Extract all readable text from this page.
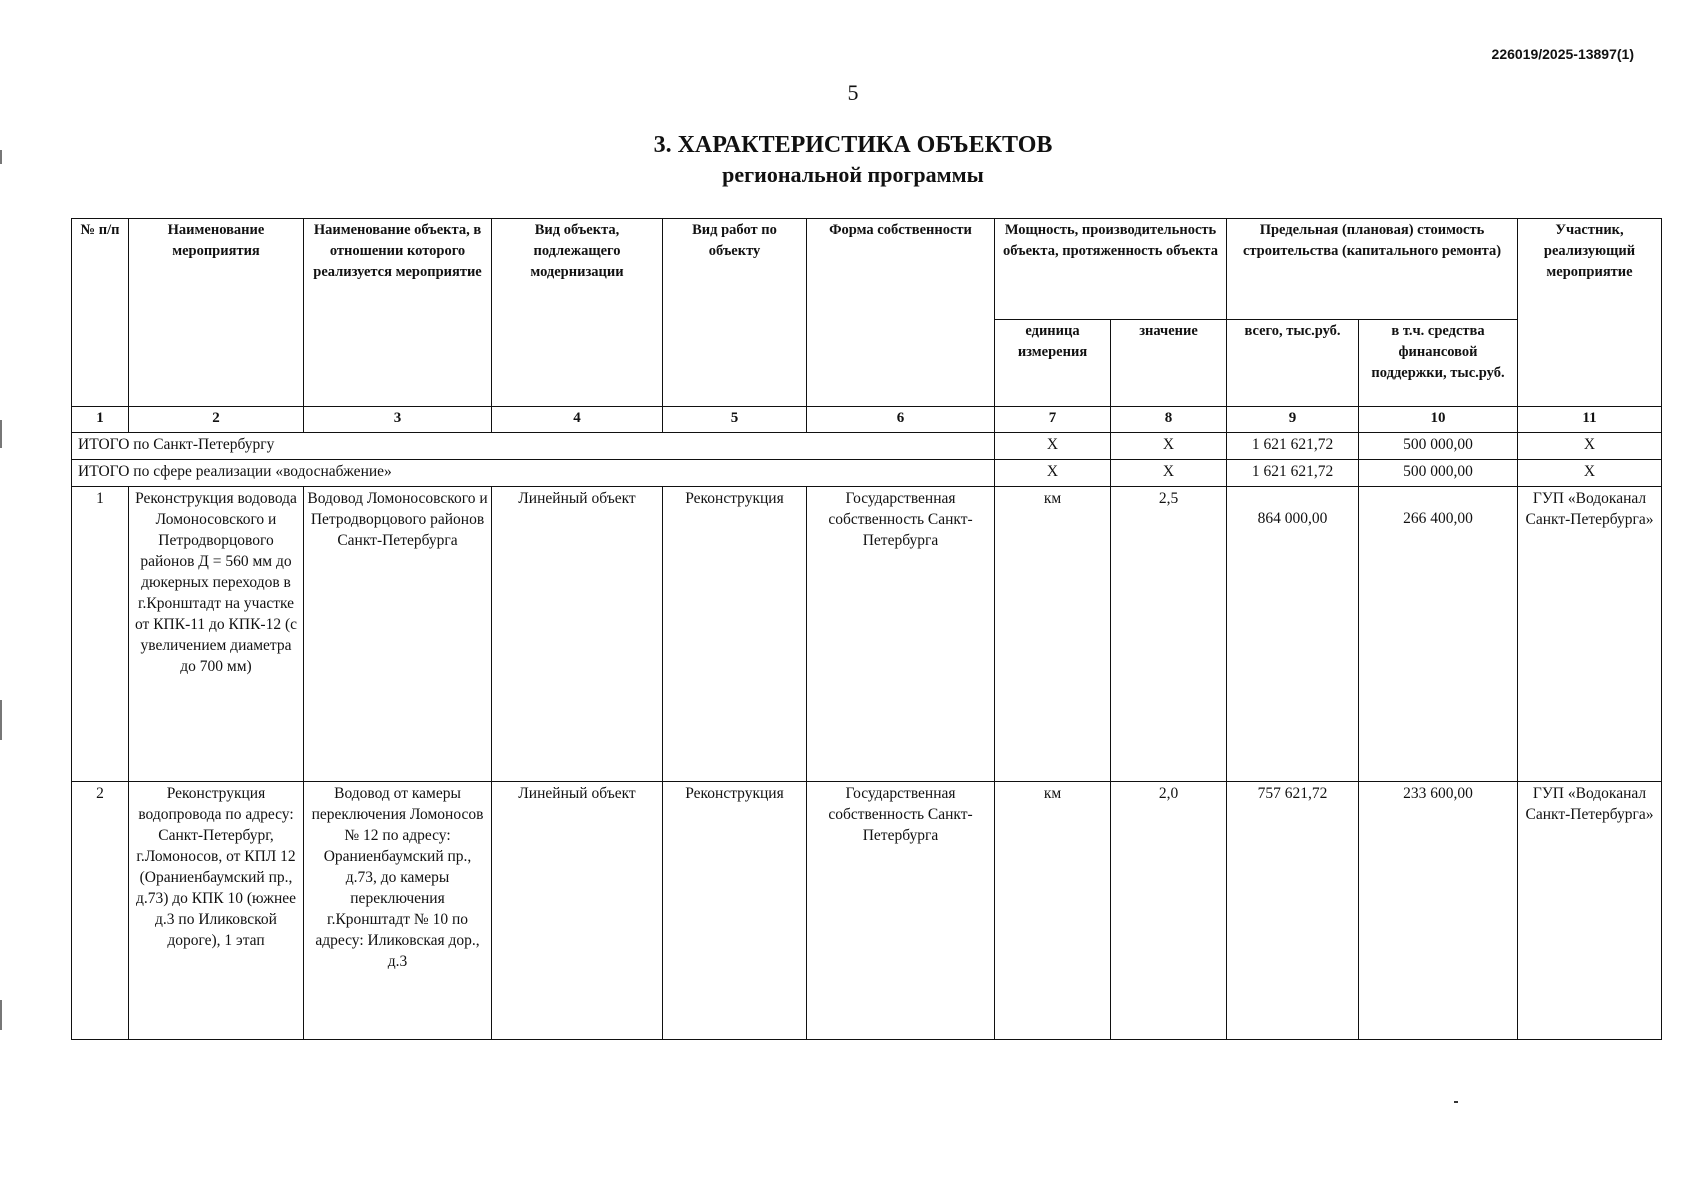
226019/2025-13897(1)
5
3. ХАРАКТЕРИСТИКА ОБЪЕКТОВ
региональной программы
№ п/п	Наименование мероприятия	Наименование объекта, в отношении которого реализуется мероприятие	Вид объекта, подлежащего модернизации	Вид работ по объекту	Форма собственности	Мощность, производительность объекта, протяженность объекта		Предельная (плановая) стоимость строительства (капитального ремонта)		Участник, реализующий мероприятие
						единица измерения	значение	всего, тыс.руб.	в т.ч. средства финансовой поддержки, тыс.руб.	
1	2	3	4	5	6	7	8	9	10	11
ИТОГО по Санкт-Петербургу						Х	Х	1 621 621,72	500 000,00	Х
ИТОГО по сфере реализации «водоснабжение»						Х	Х	1 621 621,72	500 000,00	Х
1	Реконструкция водовода Ломоносовского и Петродворцового районов Д = 560 мм до дюкерных переходов в г.Кронштадт на участке от КПК-11 до КПК-12 (с увеличением диаметра до 700 мм)	Водовод Ломоносовского и Петродворцового районов Санкт-Петербурга	Линейный объект	Реконструкция	Государственная собственность Санкт-Петербурга	км	2,5	864 000,00	266 400,00	ГУП «Водоканал Санкт-Петербурга»
2	Реконструкция водопровода по адресу: Санкт-Петербург, г.Ломоносов, от КПЛ 12 (Ораниенбаумский пр., д.73) до КПК 10 (южнее д.3 по Иликовской дороге), 1 этап	Водовод от камеры переключения Ломоносов № 12 по адресу: Ораниенбаумский пр., д.73, до камеры переключения г.Кронштадт № 10 по адресу: Иликовская дор., д.3	Линейный объект	Реконструкция	Государственная собственность Санкт-Петербурга	км	2,0	757 621,72	233 600,00	ГУП «Водоканал Санкт-Петербурга»
